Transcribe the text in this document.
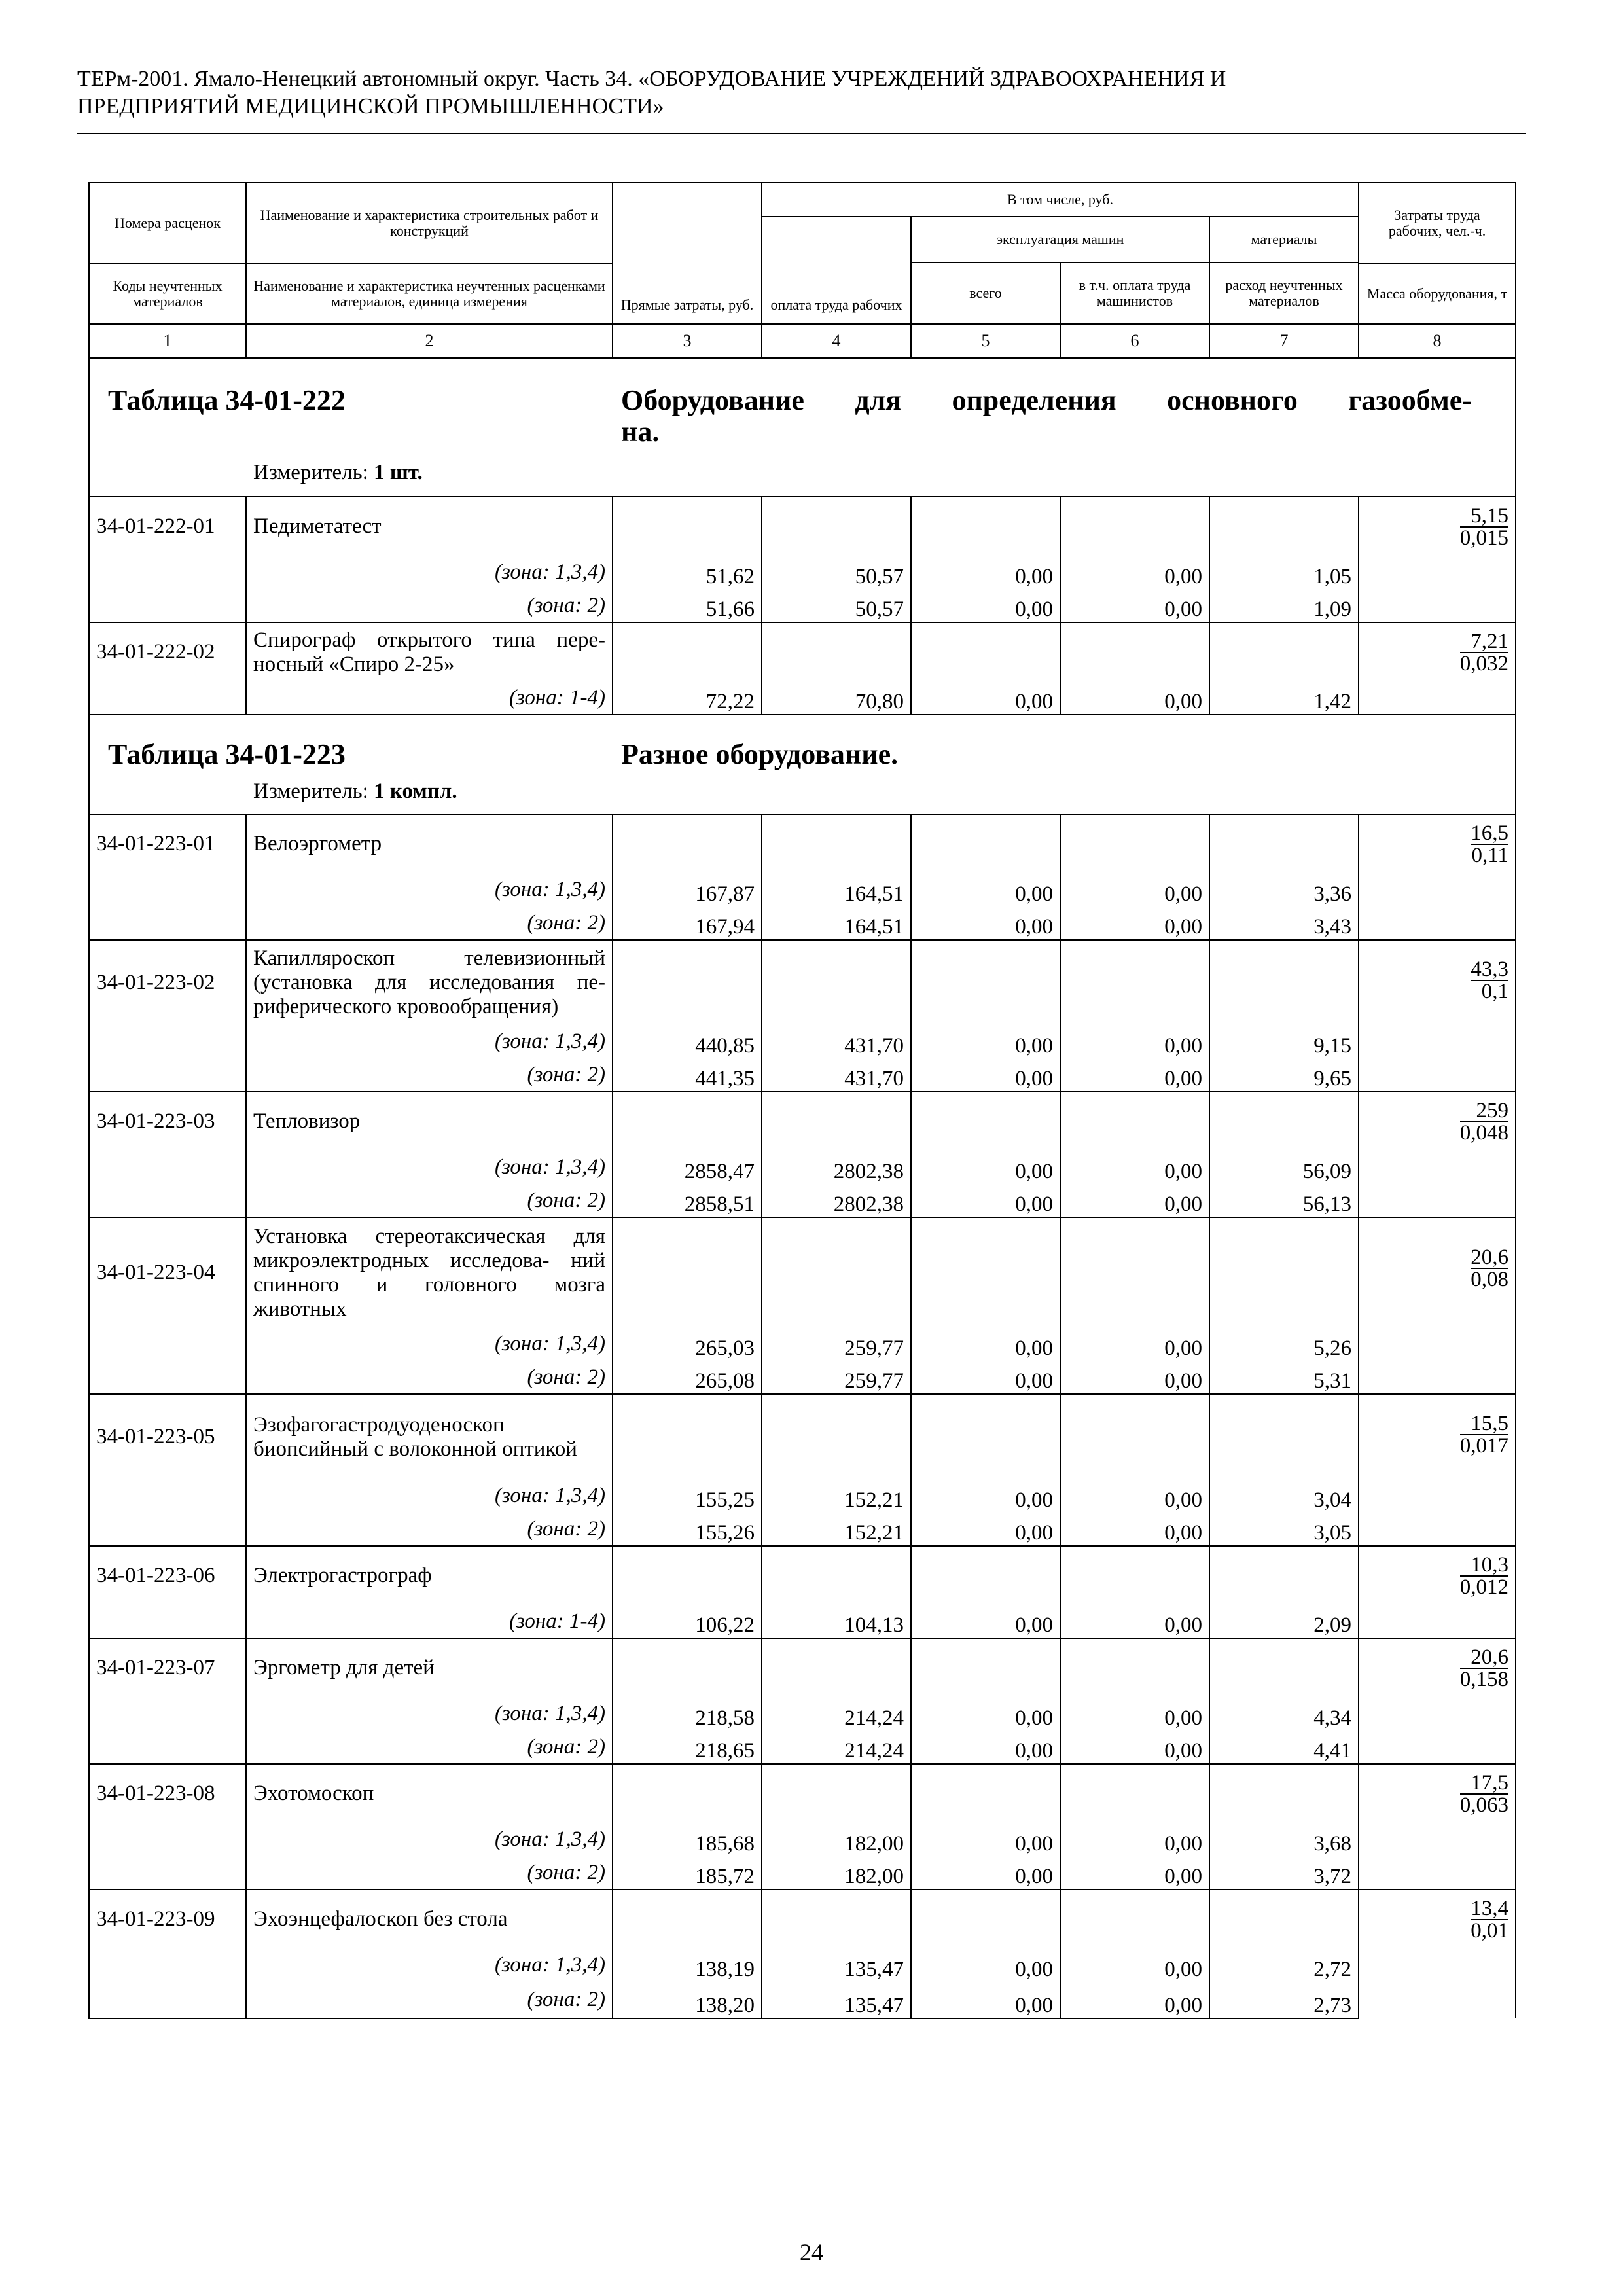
ТЕРм-2001. Ямало-Ненецкий автономный округ. Часть 34. «ОБОРУДОВАНИЕ УЧРЕЖДЕНИЙ ЗДРАВООХРАНЕНИЯ И
ПРЕДПРИЯТИЙ МЕДИЦИНСКОЙ ПРОМЫШЛЕННОСТИ»
Номера расценок	Наименование и характеристика строительных работ и конструкций	Прямые затраты, руб.	В том числе, руб.				Затраты труда рабочих, чел.-ч.
			оплата труда рабочих	эксплуатация машин		материалы	
				всего	в т.ч. оплата труда машинистов	расход неучтенных материалов	
Коды неучтенных материалов	Наименование и характеристика неучтенных расценками материалов, единица измерения						Масса оборудования, т

1	2	3	4	5	6	7	8

Таблица 34-01-222 Оборудование для определения основного газообме-
на.
Измеритель: 1 шт.							

34-01-222-01	Педиметатест						$\frac{5,15}{0,015}$

	(зона: 1,3,4)	51,62	50,57	0,00	0,00	1,05	
	(зона: 2)	51,66	50,57	0,00	0,00	1,09	
34-01-222-02	Спирограф открытого типа пере- носный «Спиро 2-25»						$\frac{7,21}{0,032}$

	(зона: 1-4)	72,22	70,80	0,00	0,00	1,42	

Таблица 34-01-223 Разное оборудование.
Измеритель: 1 компл.							

34-01-223-01	Велоэргометр						$\frac{16,5}{0,11}$

	(зона: 1,3,4)	167,87	164,51	0,00	0,00	3,36	
	(зона: 2)	167,94	164,51	0,00	0,00	3,43	
34-01-223-02	Капилляроскоп телевизионный (установка для исследования пе- риферического кровообращения)						$\frac{43,3}{0,1}$

	(зона: 1,3,4)	440,85	431,70	0,00	0,00	9,15	
	(зона: 2)	441,35	431,70	0,00	0,00	9,65	
34-01-223-03	Тепловизор						$\frac{259}{0,048}$

	(зона: 1,3,4)	2858,47	2802,38	0,00	0,00	56,09	
	(зона: 2)	2858,51	2802,38	0,00	0,00	56,13	
34-01-223-04	Установка стереотаксическая для микроэлектродных исследова- ний спинного и головного мозга животных						$\frac{20,6}{0,08}$

	(зона: 1,3,4)	265,03	259,77	0,00	0,00	5,26	
	(зона: 2)	265,08	259,77	0,00	0,00	5,31	
34-01-223-05	Эзофагогастродуоденоскоп биопсийный с волоконной оптикой						$\frac{15,5}{0,017}$

	(зона: 1,3,4)	155,25	152,21	0,00	0,00	3,04	
	(зона: 2)	155,26	152,21	0,00	0,00	3,05	
34-01-223-06	Электрогастрограф						$\frac{10,3}{0,012}$

	(зона: 1-4)	106,22	104,13	0,00	0,00	2,09	
34-01-223-07	Эргометр для детей						$\frac{20,6}{0,158}$

	(зона: 1,3,4)	218,58	214,24	0,00	0,00	4,34	
	(зона: 2)	218,65	214,24	0,00	0,00	4,41	
34-01-223-08	Эхотомоскоп						$\frac{17,5}{0,063}$

	(зона: 1,3,4)	185,68	182,00	0,00	0,00	3,68	
	(зона: 2)	185,72	182,00	0,00	0,00	3,72	
34-01-223-09	Эхоэнцефалоскоп без стола						$\frac{13,4}{0,01}$

	(зона: 1,3,4)	138,19	135,47	0,00	0,00	2,72	
	(зона: 2)	138,20	135,47	0,00	0,00	2,73	
24
